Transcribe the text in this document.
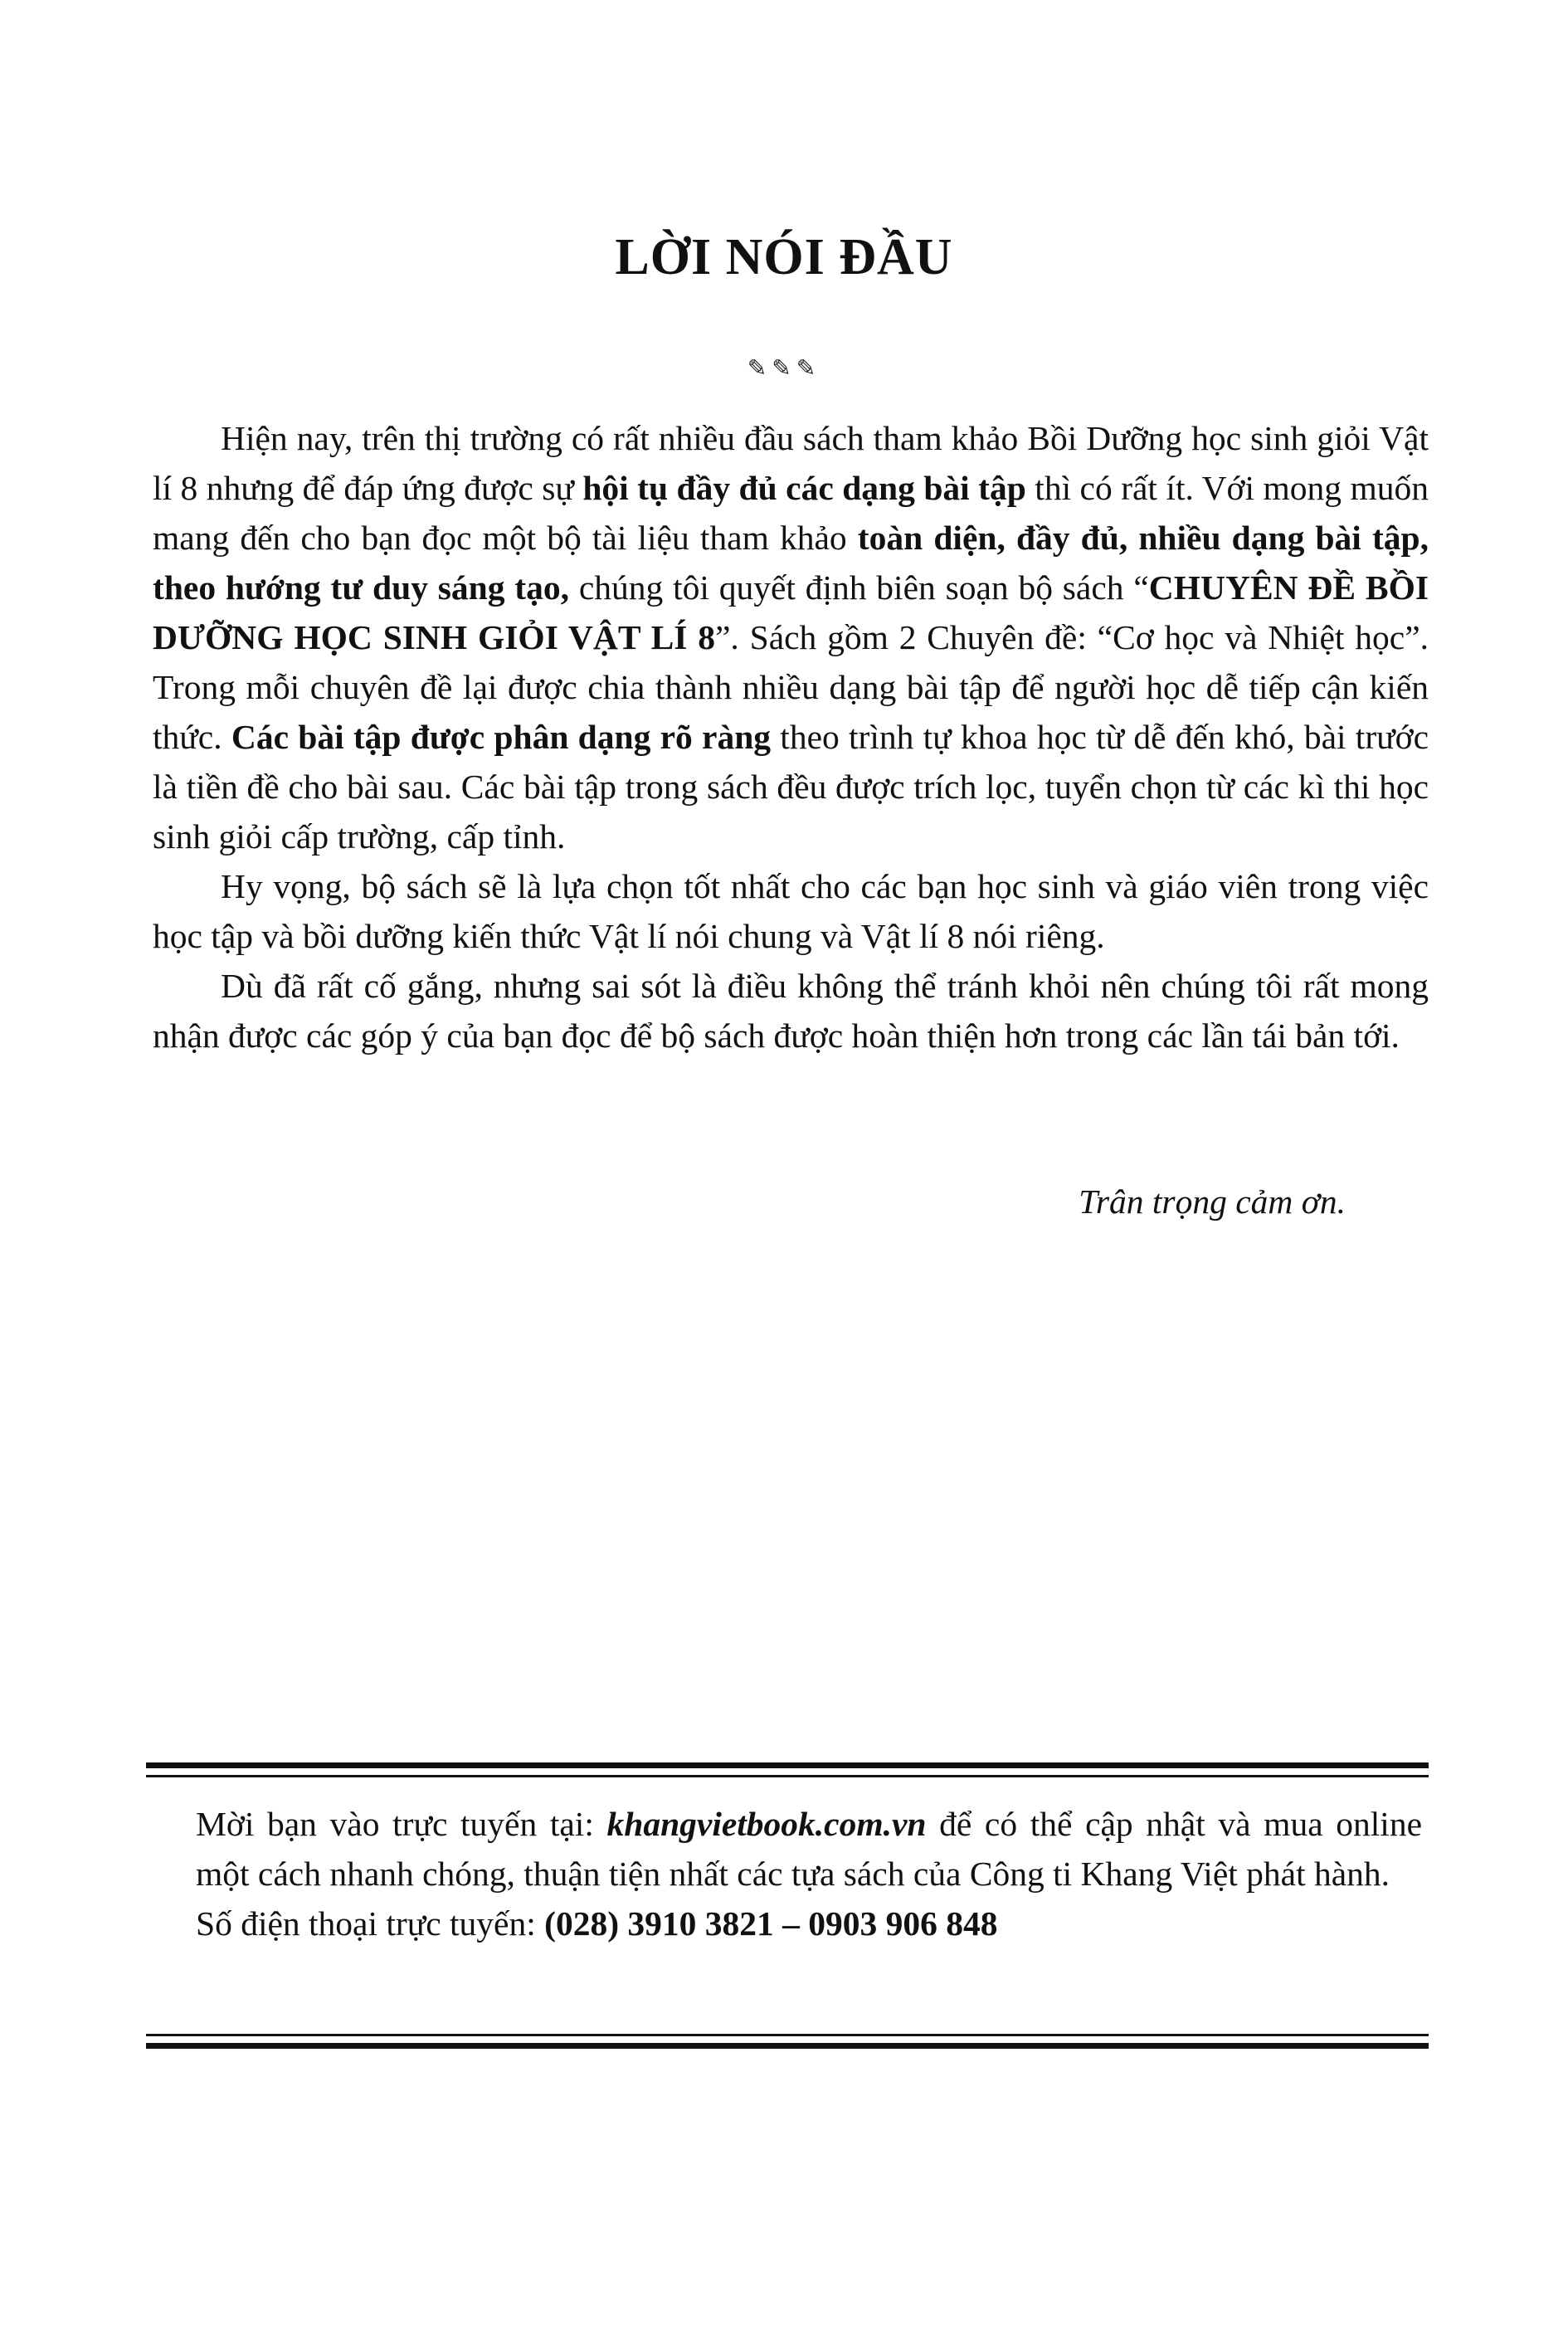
LỜI NÓI ĐẦU
✎✎✎

Hiện nay, trên thị trường có rất nhiều đầu sách tham khảo Bồi Dưỡng học sinh giỏi Vật lí 8 nhưng để đáp ứng được sự hội tụ đầy đủ các dạng bài tập thì có rất ít. Với mong muốn mang đến cho bạn đọc một bộ tài liệu tham khảo toàn diện, đầy đủ, nhiều dạng bài tập, theo hướng tư duy sáng tạo, chúng tôi quyết định biên soạn bộ sách “CHUYÊN ĐỀ BỒI DƯỠNG HỌC SINH GIỎI VẬT LÍ 8”. Sách gồm 2 Chuyên đề: “Cơ học và Nhiệt học”. Trong mỗi chuyên đề lại được chia thành nhiều dạng bài tập để người học dễ tiếp cận kiến thức. Các bài tập được phân dạng rõ ràng theo trình tự khoa học từ dễ đến khó, bài trước là tiền đề cho bài sau. Các bài tập trong sách đều được trích lọc, tuyển chọn từ các kì thi học sinh giỏi cấp trường, cấp tỉnh.

Hy vọng, bộ sách sẽ là lựa chọn tốt nhất cho các bạn học sinh và giáo viên trong việc học tập và bồi dưỡng kiến thức Vật lí nói chung và Vật lí 8 nói riêng.

Dù đã rất cố gắng, nhưng sai sót là điều không thể tránh khỏi nên chúng tôi rất mong nhận được các góp ý của bạn đọc để bộ sách được hoàn thiện hơn trong các lần tái bản tới.

Trân trọng cảm ơn.

Mời bạn vào trực tuyến tại: khangvietbook.com.vn để có thể cập nhật và mua online một cách nhanh chóng, thuận tiện nhất các tựa sách của Công ti Khang Việt phát hành.

Số điện thoại trực tuyến: (028) 3910 3821 – 0903 906 848
